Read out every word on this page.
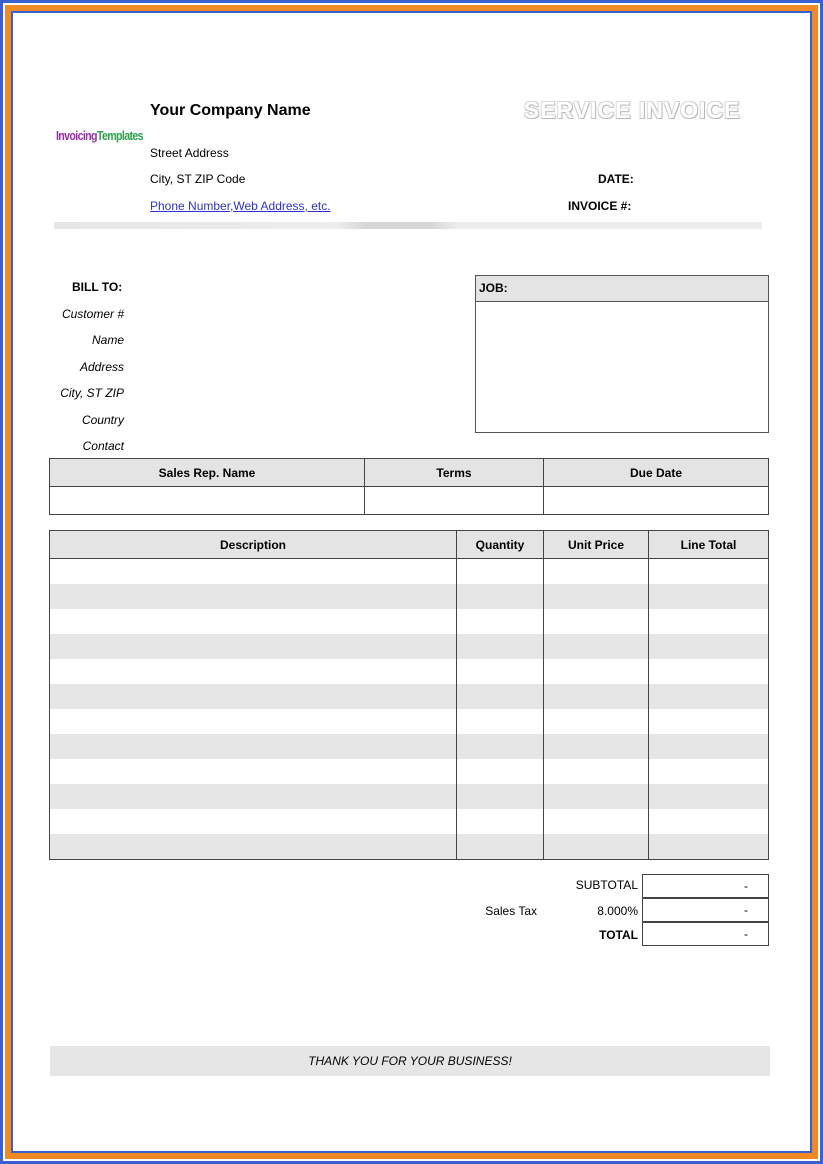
InvoicingTemplates
Your Company Name
Street Address
City, ST ZIP Code
Phone Number,Web Address, etc.
SERVICE INVOICE
DATE:
INVOICE #:
BILL TO:
Customer #
Name
Address
City, ST ZIP
Country
Contact
JOB:
Sales Rep. Name	Terms	Due Date

Description	Quantity	Unit Price	Line Total

SUBTOTAL	-
Sales Tax	8.000%	-
TOTAL	-
THANK YOU FOR YOUR BUSINESS!
